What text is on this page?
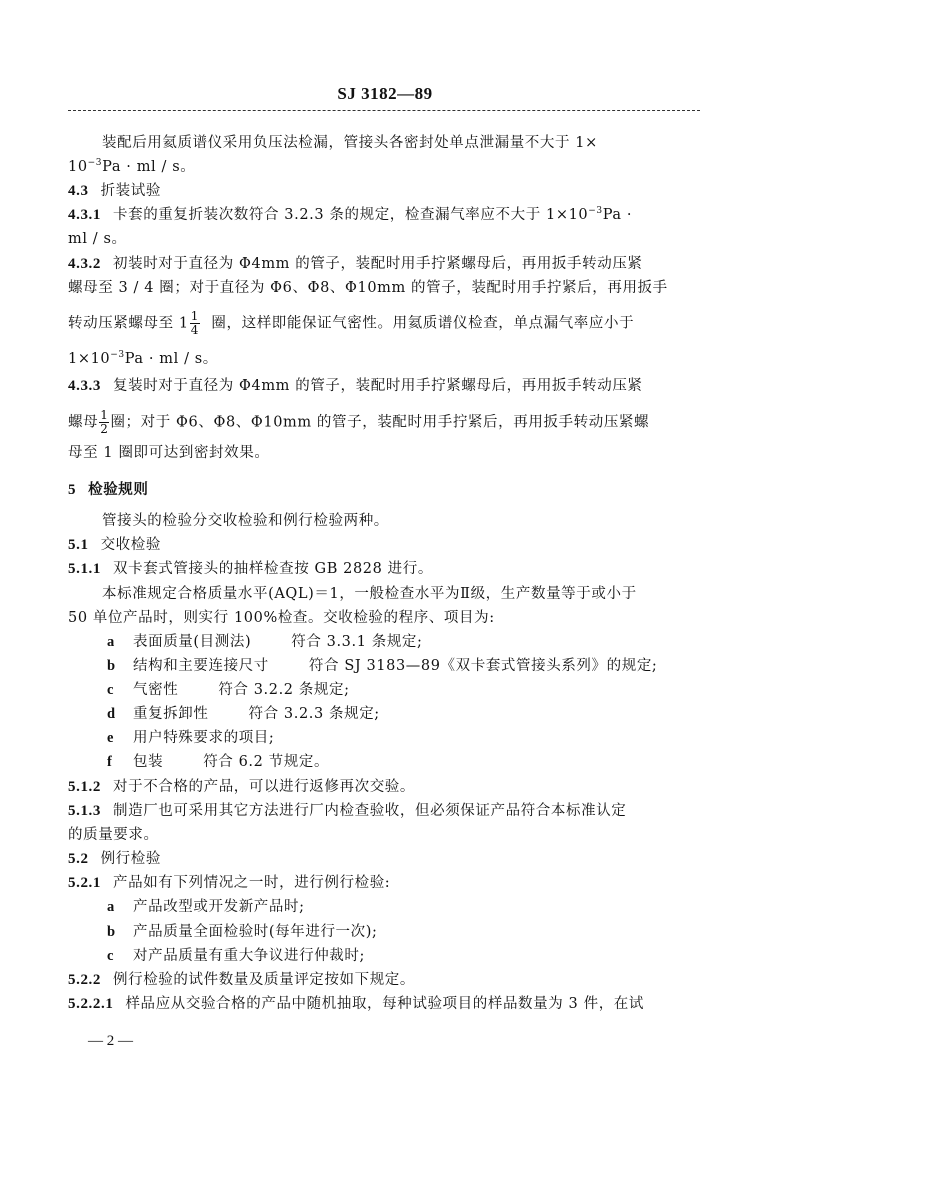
SJ 3182—89
装配后用氦质谱仪采用负压法检漏，管接头各密封处单点泄漏量不大于 1×
$10^{-3}Pa$ · ml / s。
4.3 折装试验
4.3.1 卡套的重复折装次数符合 3.2.3 条的规定，检查漏气率应不大于 $1\times 10^{-3}Pa$ ·
ml / s。
4.3.2 初装时对于直径为 Φ4mm 的管子，装配时用手拧紧螺母后，再用扳手转动压紧
螺母至 3 / 4 圈；对于直径为 Φ6、Φ8、Φ10mm 的管子，装配时用手拧紧后，再用扳手
转动压紧螺母至 $1 \frac{1}{4}$ 圈，这样即能保证气密性。用氦质谱仪检查，单点漏气率应小于
$1\times 10^{-3}Pa$ · ml / s。
4.3.3 复装时对于直径为 Φ4mm 的管子，装配时用手拧紧螺母后，再用扳手转动压紧
螺母 $\frac{1}{2}$ 圈；对于 Φ6、Φ8、Φ10mm 的管子，装配时用手拧紧后，再用扳手转动压紧螺
母至 1 圈即可达到密封效果。
5 检验规则
管接头的检验分交收检验和例行检验两种。
5.1 交收检验
5.1.1 双卡套式管接头的抽样检查按 GB 2828 进行。
本标准规定合格质量水平(AQL)＝1，一般检查水平为Ⅱ级，生产数量等于或小于
50 单位产品时，则实行 100%检查。交收检验的程序、项目为:
a 表面质量(目测法)	符合 3.3.1 条规定;
b 结构和主要连接尺寸	符合 SJ 3183—89《双卡套式管接头系列》的规定;
c 气密性	符合 3.2.2 条规定;
d 重复拆卸性	符合 3.2.3 条规定;
e 用户特殊要求的项目;
f 包装	符合 6.2 节规定。
5.1.2 对于不合格的产品，可以进行返修再次交验。
5.1.3 制造厂也可采用其它方法进行厂内检查验收，但必须保证产品符合本标准认定
的质量要求。
5.2 例行检验
5.2.1 产品如有下列情况之一时，进行例行检验:
a 产品改型或开发新产品时;
b 产品质量全面检验时(每年进行一次);
c 对产品质量有重大争议进行仲裁时;
5.2.2 例行检验的试件数量及质量评定按如下规定。
5.2.2.1 样品应从交验合格的产品中随机抽取，每种试验项目的样品数量为 3 件，在试
— 2 —
